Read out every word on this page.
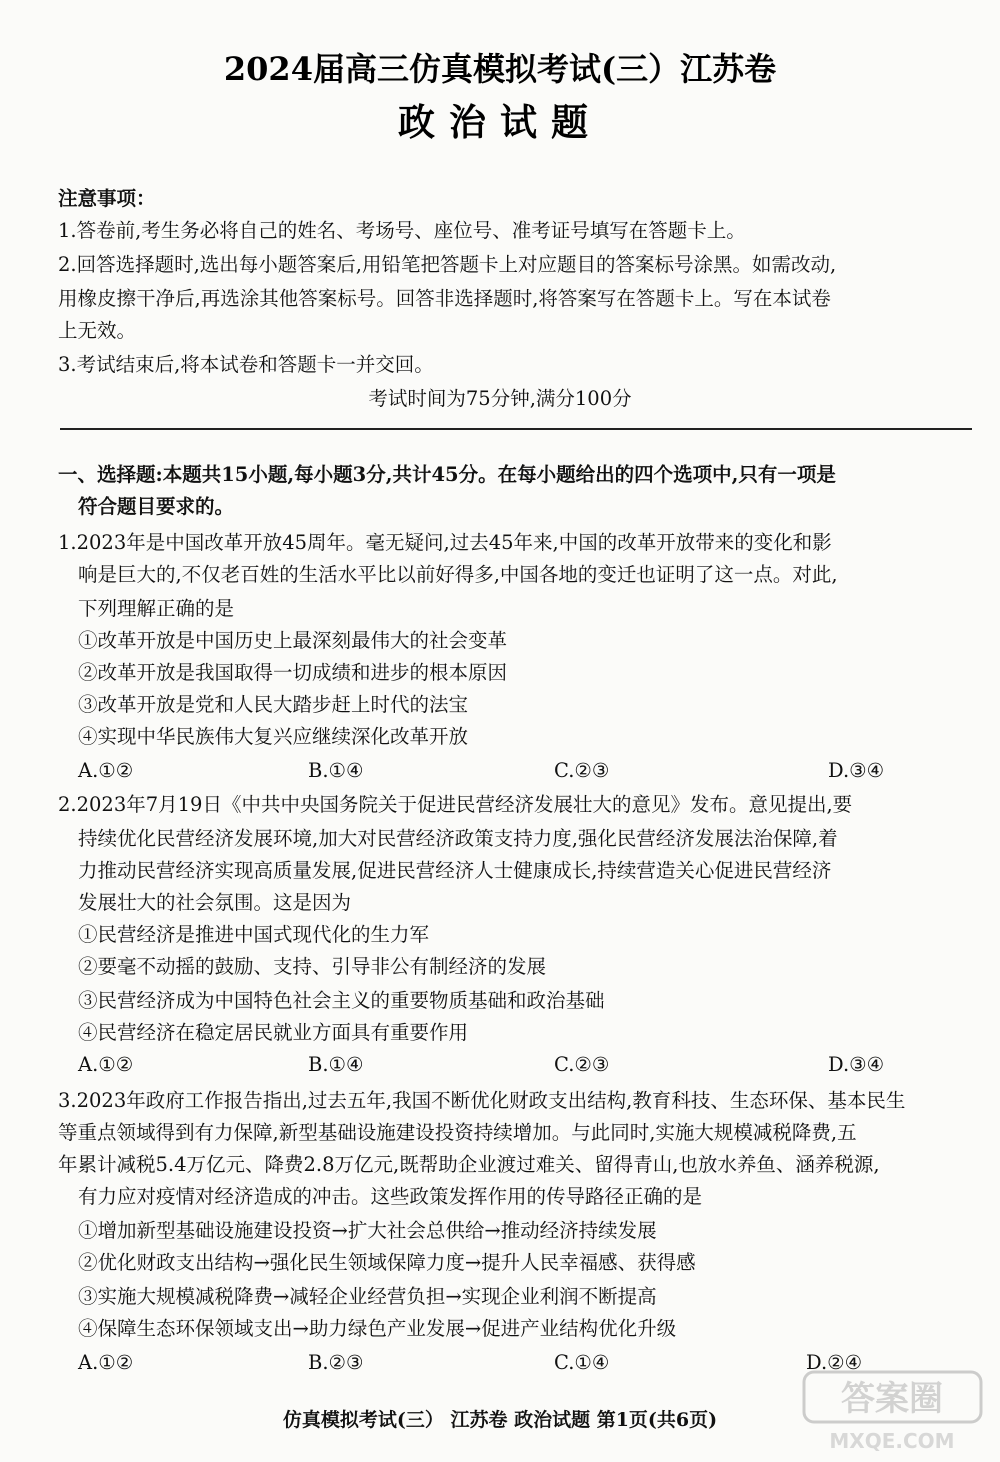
2024届高三仿真模拟考试(三）江苏卷
政治试题

注意事项：

1.答卷前,考生务必将自己的姓名、考场号、座位号、准考证号填写在答题卡上。

2.回答选择题时,选出每小题答案后,用铅笔把答题卡上对应题目的答案标号涂黑。如需改动,

用橡皮擦干净后,再选涂其他答案标号。回答非选择题时,将答案写在答题卡上。写在本试卷

上无效。

3.考试结束后,将本试卷和答题卡一并交回。

考试时间为75分钟,满分100分

一、选择题:本题共15小题,每小题3分,共计45分。在每小题给出的四个选项中,只有一项是

符合题目要求的。

1.2023年是中国改革开放45周年。毫无疑问,过去45年来,中国的改革开放带来的变化和影

响是巨大的,不仅老百姓的生活水平比以前好得多,中国各地的变迁也证明了这一点。对此,

下列理解正确的是

①改革开放是中国历史上最深刻最伟大的社会变革

②改革开放是我国取得一切成绩和进步的根本原因

③改革开放是党和人民大踏步赶上时代的法宝

④实现中华民族伟大复兴应继续深化改革开放

A.①②	B.①④	C.②③	D.③④

2.2023年7月19日《中共中央国务院关于促进民营经济发展壮大的意见》发布。意见提出,要

持续优化民营经济发展环境,加大对民营经济政策支持力度,强化民营经济发展法治保障,着

力推动民营经济实现高质量发展,促进民营经济人士健康成长,持续营造关心促进民营经济

发展壮大的社会氛围。这是因为

①民营经济是推进中国式现代化的生力军

②要毫不动摇的鼓励、支持、引导非公有制经济的发展

③民营经济成为中国特色社会主义的重要物质基础和政治基础

④民营经济在稳定居民就业方面具有重要作用

A.①②	B.①④	C.②③	D.③④

3.2023年政府工作报告指出,过去五年,我国不断优化财政支出结构,教育科技、生态环保、基本民生

等重点领域得到有力保障,新型基础设施建设投资持续增加。与此同时,实施大规模减税降费,五

年累计减税5.4万亿元、降费2.8万亿元,既帮助企业渡过难关、留得青山,也放水养鱼、涵养税源,

有力应对疫情对经济造成的冲击。这些政策发挥作用的传导路径正确的是

①增加新型基础设施建设投资→扩大社会总供给→推动经济持续发展

②优化财政支出结构→强化民生领域保障力度→提升人民幸福感、获得感

③实施大规模减税降费→减轻企业经营负担→实现企业利润不断提高

④保障生态环保领域支出→助力绿色产业发展→促进产业结构优化升级

A.①②	B.②③	C.①④	D.②④
仿真模拟考试(三） 江苏卷 政治试题 第1页(共6页)
答案圈
MXQE.COM
